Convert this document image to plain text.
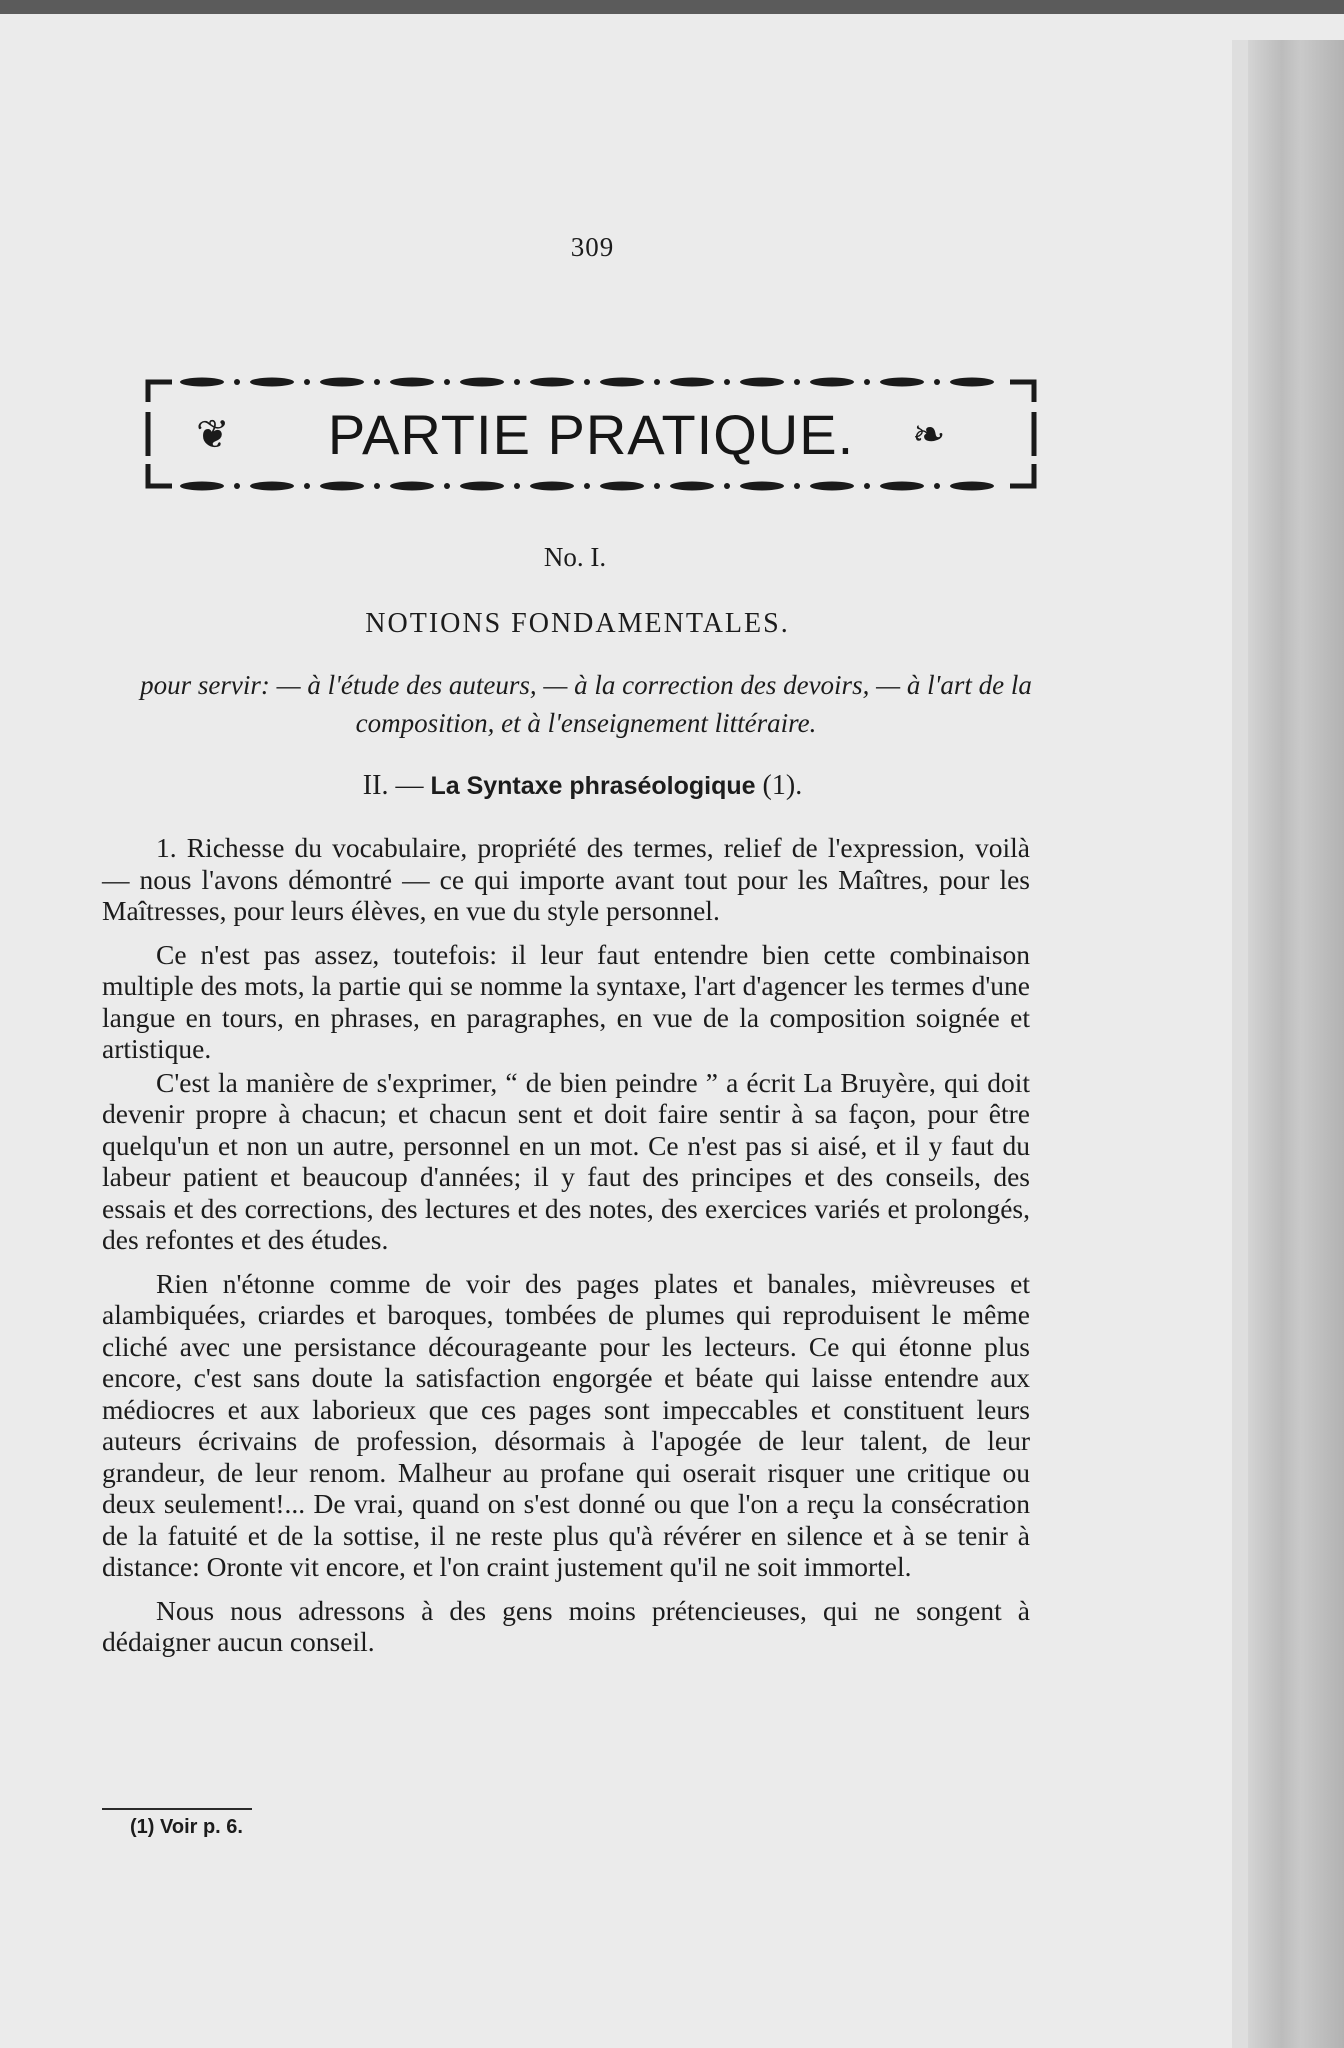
309
❦	PARTIE PRATIQUE.	❧
No. I.
NOTIONS FONDAMENTALES.
pour servir: — à l'étude des auteurs, — à la correction des devoirs, — à l'art de la composition, et à l'enseignement littéraire.
II. — La Syntaxe phraséologique (1).

1. Richesse du vocabulaire, propriété des termes, relief de l'expression, voilà — nous l'avons démontré — ce qui importe avant tout pour les Maîtres, pour les Maîtresses, pour leurs élèves, en vue du style personnel.

Ce n'est pas assez, toutefois: il leur faut entendre bien cette combinaison multiple des mots, la partie qui se nomme la syntaxe, l'art d'agencer les termes d'une langue en tours, en phrases, en paragraphes, en vue de la composition soignée et artistique.

C'est la manière de s'exprimer, “ de bien peindre ” a écrit La Bruyère, qui doit devenir propre à chacun; et chacun sent et doit faire sentir à sa façon, pour être quelqu'un et non un autre, personnel en un mot. Ce n'est pas si aisé, et il y faut du labeur patient et beaucoup d'années; il y faut des principes et des conseils, des essais et des corrections, des lectures et des notes, des exercices variés et prolongés, des refontes et des études.

Rien n'étonne comme de voir des pages plates et banales, mièvreuses et alambiquées, criardes et baroques, tombées de plumes qui reproduisent le même cliché avec une persistance décourageante pour les lecteurs. Ce qui étonne plus encore, c'est sans doute la satisfaction engorgée et béate qui laisse entendre aux médiocres et aux laborieux que ces pages sont impeccables et constituent leurs auteurs écrivains de profession, désormais à l'apogée de leur talent, de leur grandeur, de leur renom. Malheur au profane qui oserait risquer une critique ou deux seulement!... De vrai, quand on s'est donné ou que l'on a reçu la consécration de la fatuité et de la sottise, il ne reste plus qu'à révérer en silence et à se tenir à distance: Oronte vit encore, et l'on craint justement qu'il ne soit immortel.

Nous nous adressons à des gens moins prétencieuses, qui ne songent à dédaigner aucun conseil.

(1) Voir p. 6.
